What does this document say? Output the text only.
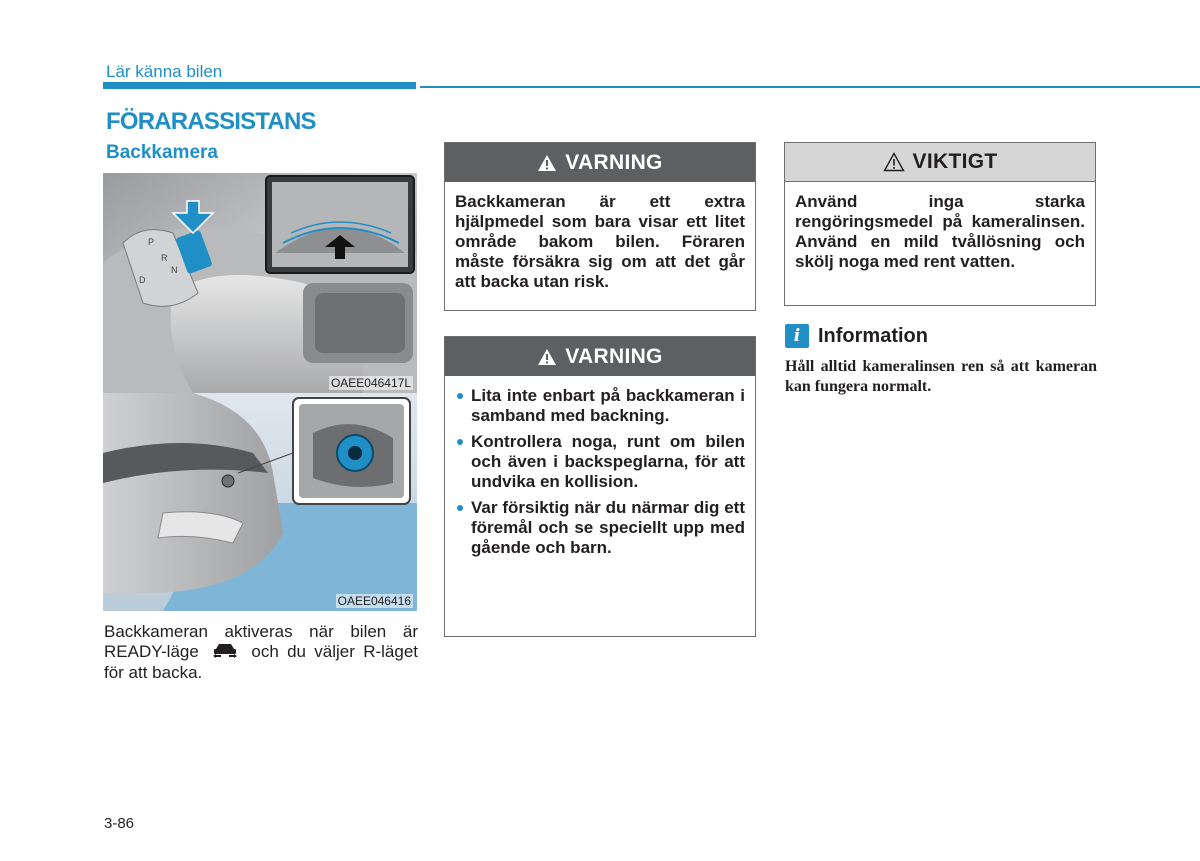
Lär känna bilen
FÖRARASSISTANS
Backkamera
P
R
N
D
OAEE046417L
OAEE046416
Backkameran aktiveras när bilen är READY-läge	och du väljer R-läget för att backa.
VARNING
Backkameran är ett extra hjälpmedel som bara visar ett litet område bakom bilen. Föraren måste försäkra sig om att det går att backa utan risk.
VARNING
Lita inte enbart på backkameran i samband med backning.
Kontrollera noga, runt om bilen och även i backspeglarna, för att undvika en kollision.
Var försiktig när du närmar dig ett föremål och se speciellt upp med gående och barn.
VIKTIGT
Använd inga starka rengöringsmedel på kameralinsen. Använd en mild tvållösning och skölj noga med rent vatten.
i Information
Håll alltid kameralinsen ren så att kameran kan fungera normalt.
3-86
